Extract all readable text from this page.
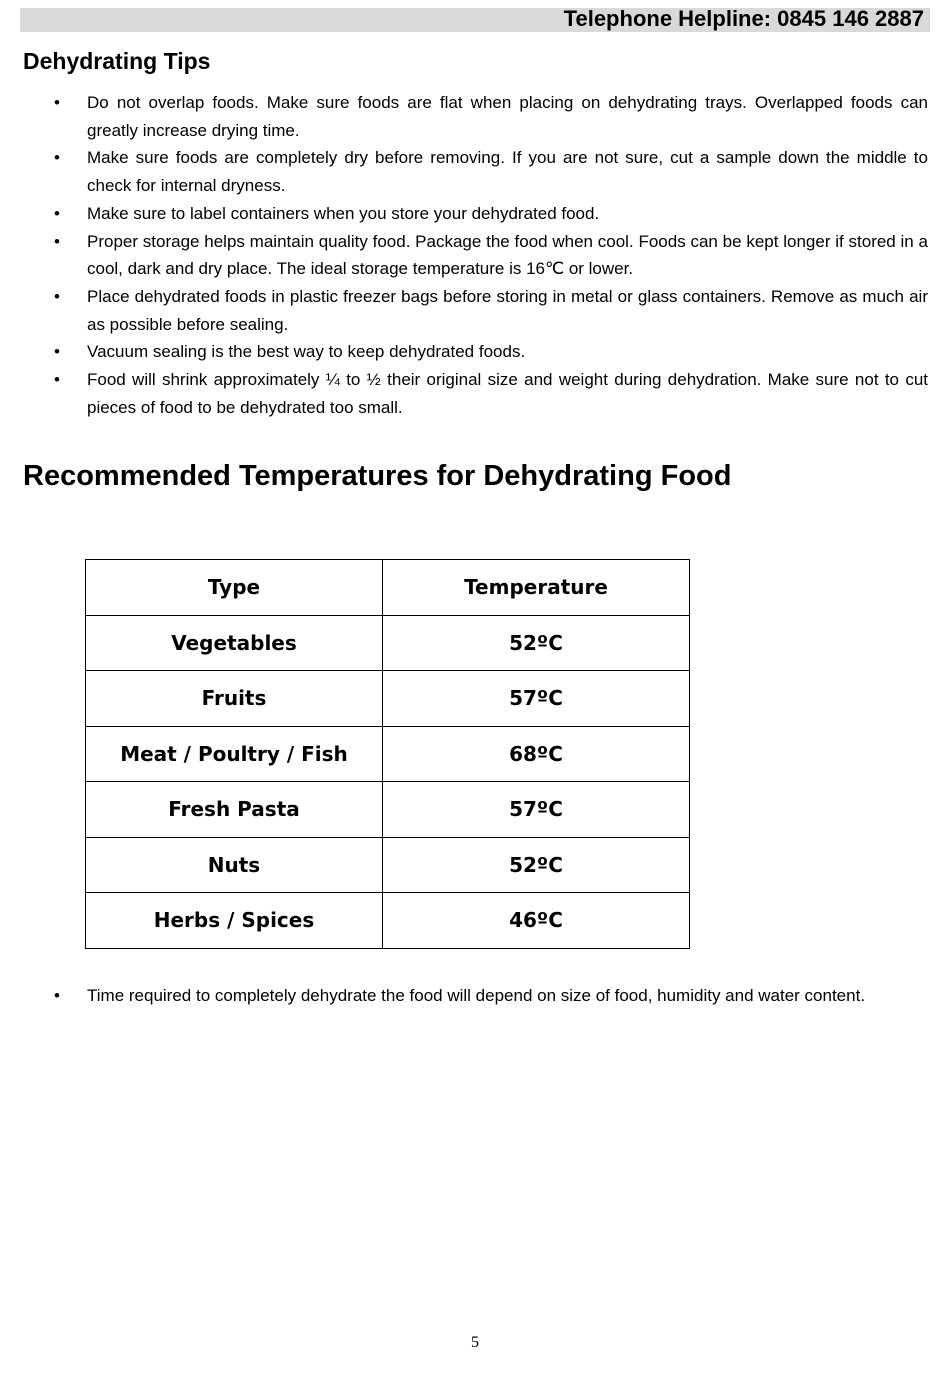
Telephone Helpline: 0845 146 2887
Dehydrating Tips
• Do not overlap foods. Make sure foods are flat when placing on dehydrating trays. Overlapped foods can greatly increase drying time.
• Make sure foods are completely dry before removing. If you are not sure, cut a sample down the middle to check for internal dryness.
• Make sure to label containers when you store your dehydrated food.
• Proper storage helps maintain quality food. Package the food when cool. Foods can be kept longer if stored in a cool, dark and dry place. The ideal storage temperature is 16℃ or lower.
• Place dehydrated foods in plastic freezer bags before storing in metal or glass containers. Remove as much air as possible before sealing.
• Vacuum sealing is the best way to keep dehydrated foods.
• Food will shrink approximately ¼ to ½ their original size and weight during dehydration. Make sure not to cut pieces of food to be dehydrated too small.
Recommended Temperatures for Dehydrating Food
Type	Temperature
Vegetables	52ºC
Fruits	57ºC
Meat / Poultry / Fish	68ºC
Fresh Pasta	57ºC
Nuts	52ºC
Herbs / Spices	46ºC
• Time required to completely dehydrate the food will depend on size of food, humidity and water content.
5
